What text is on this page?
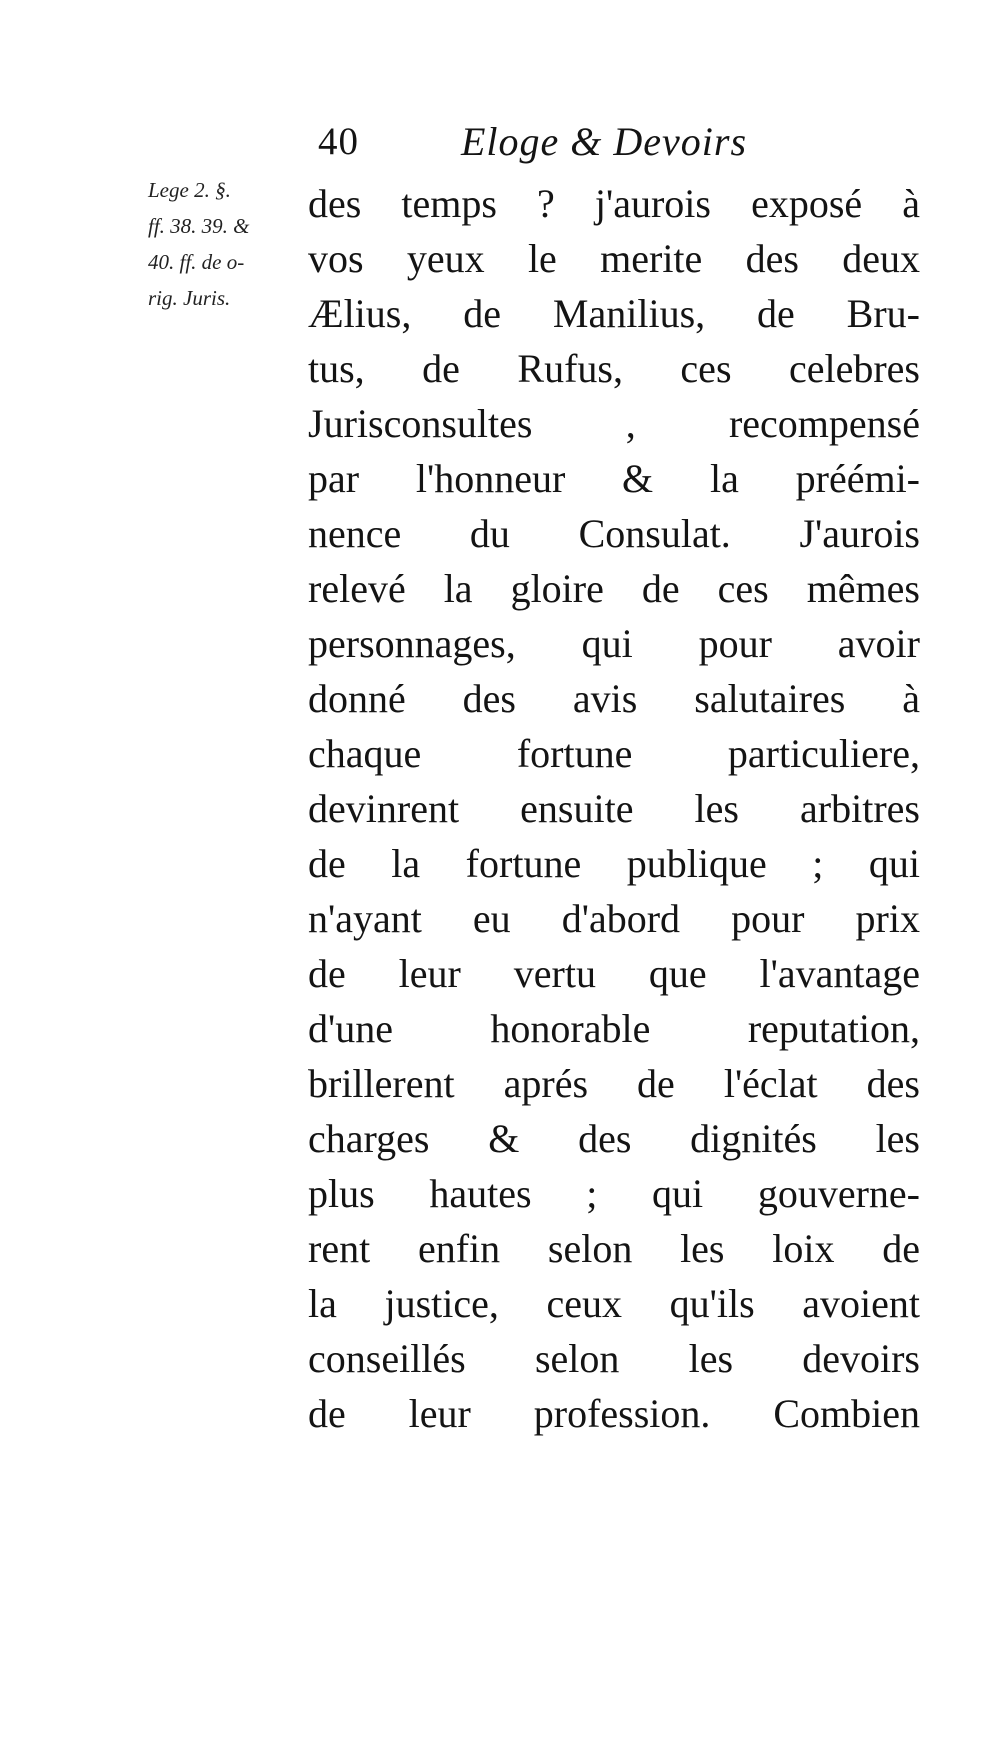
40	Eloge & Devoirs
Lege 2. §.
ff. 38. 39. &
40. ff. de o-
rig. Juris.
des temps ? j'aurois exposé à
vos yeux le merite des deux
Ælius, de Manilius, de Bru-
tus, de Rufus, ces celebres
Jurisconsultes , recompensé
par l'honneur & la préémi-
nence du Consulat. J'aurois
relevé la gloire de ces mêmes
personnages, qui pour avoir
donné des avis salutaires à
chaque fortune particuliere,
devinrent ensuite les arbitres
de la fortune publique ; qui
n'ayant eu d'abord pour prix
de leur vertu que l'avantage
d'une honorable reputation,
brillerent aprés de l'éclat des
charges & des dignités les
plus hautes ; qui gouverne-
rent enfin selon les loix de
la justice, ceux qu'ils avoient
conseillés selon les devoirs
de leur profession. Combien
